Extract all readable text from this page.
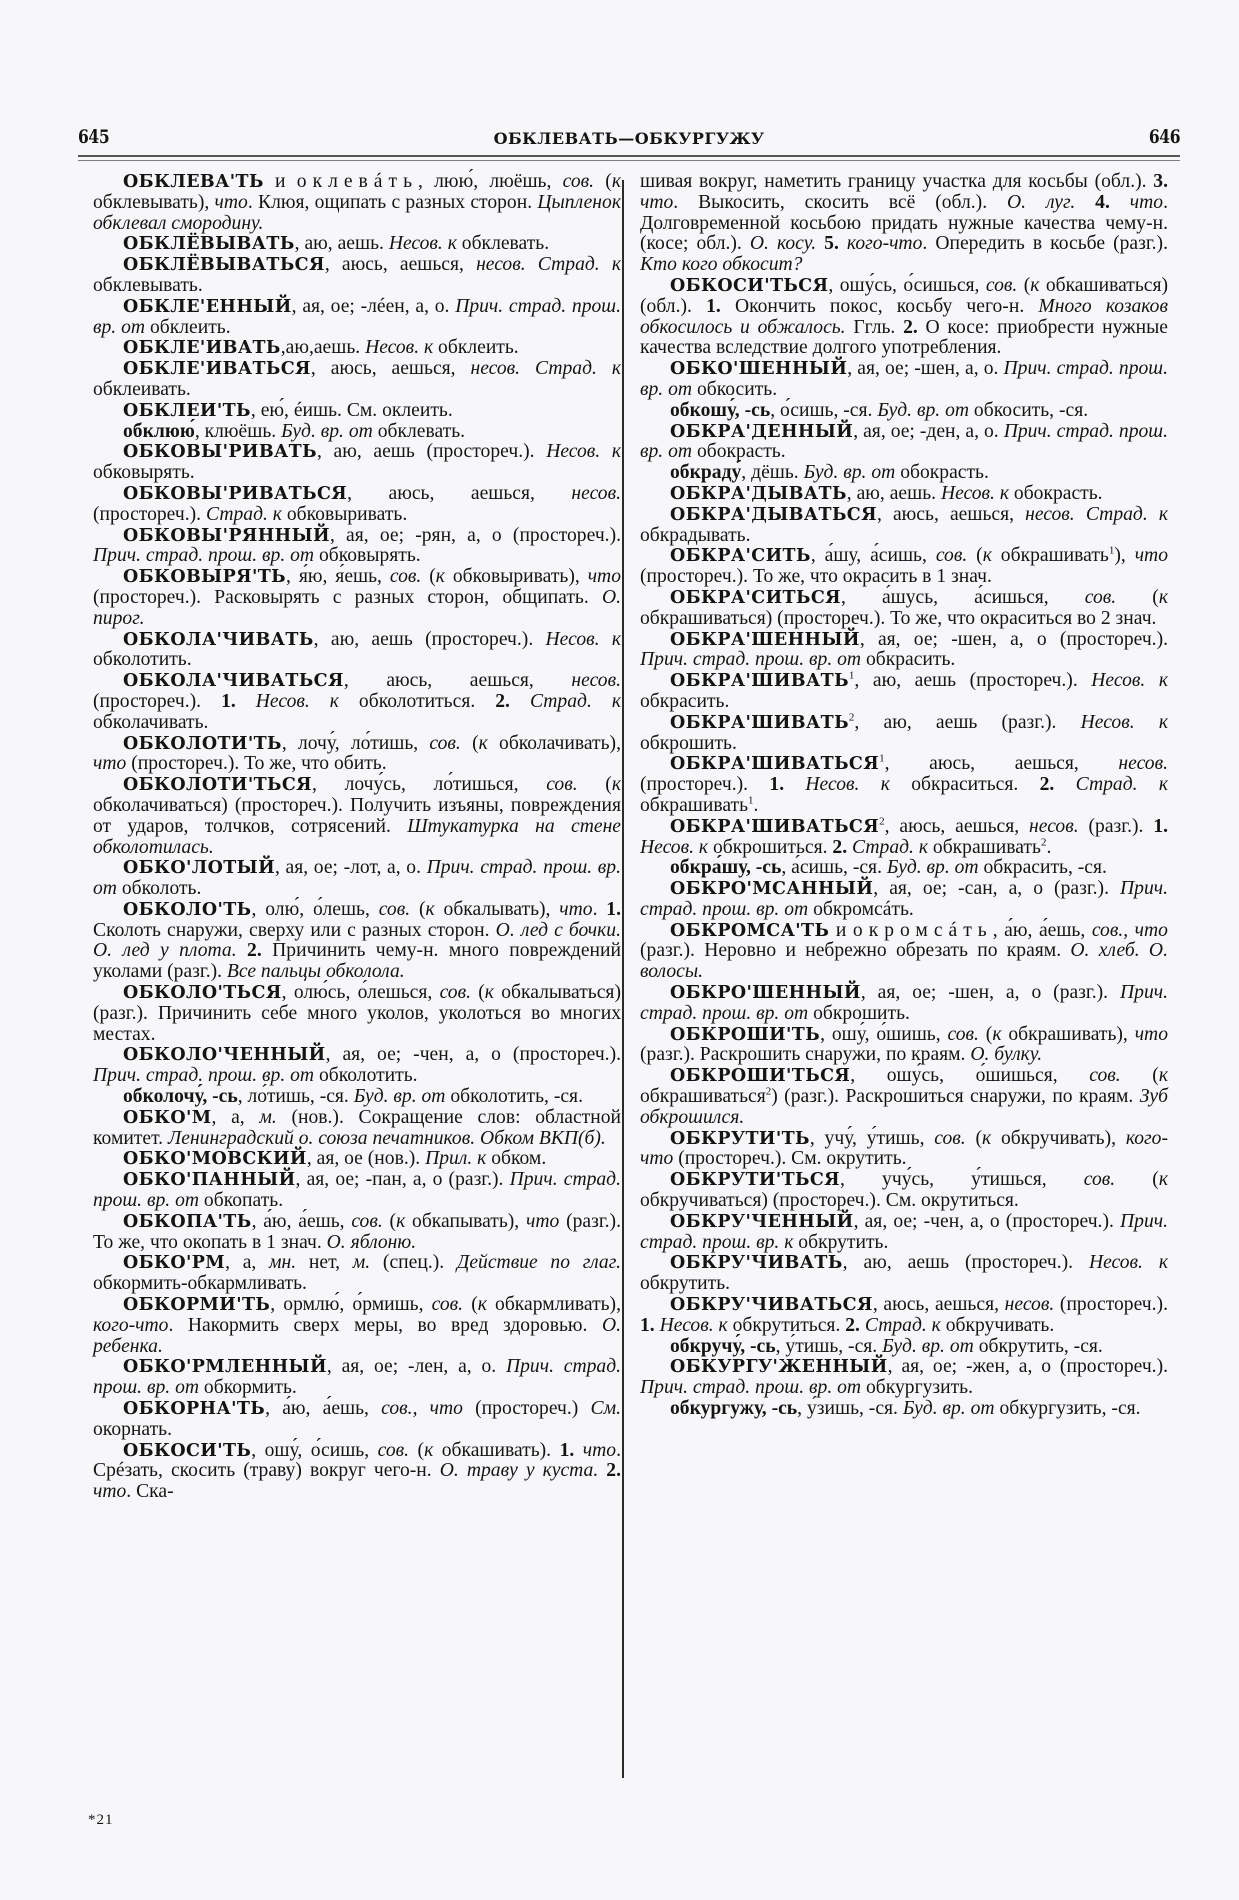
645	ОБКЛЕВАТЬ—ОБКУРГУЖУ	646

ОБКЛЕВА'ТЬ и оклевáть, люю́, люёшь, сов. (к обклевывать), что. Клюя, ощипать с разных сторон. Цыпленок обклевал смородину.

ОБКЛЁВЫВАТЬ, аю, аешь. Несов. к обклевать.

ОБКЛЁВЫВАТЬСЯ, аюсь, аешься, несов. Страд. к обклевывать.

ОБКЛЕ'ЕННЫЙ, ая, ое; -лéен, а, о. Прич. страд. прош. вр. от обклеить.

ОБКЛЕ'ИВАТЬ,аю,аешь. Несов. к обклеить.

ОБКЛЕ'ИВАТЬСЯ, аюсь, аешься, несов. Страд. к обклеивать.

ОБКЛЕИ'ТЬ, ею́, éишь. См. оклеить.

обклюю́, клюёшь. Буд. вр. от обклевать.

ОБКОВЫ'РИВАТЬ, аю, аешь (простореч.). Несов. к обковырять.

ОБКОВЫ'РИВАТЬСЯ, аюсь, аешься, несов. (простореч.). Страд. к обковыривать.

ОБКОВЫ'РЯННЫЙ, ая, ое; -рян, а, о (простореч.). Прич. страд. прош. вр. от обковырять.

ОБКОВЫРЯ'ТЬ, я́ю, я́ешь, сов. (к обковыривать), что (простореч.). Расковырять с разных сторон, общипать. О. пирог.

ОБКОЛА'ЧИВАТЬ, аю, аешь (простореч.). Несов. к обколотить.

ОБКОЛА'ЧИВАТЬСЯ, аюсь, аешься, несов. (простореч.). 1. Несов. к обколотиться. 2. Страд. к обколачивать.

ОБКОЛОТИ'ТЬ, лочу́, ло́тишь, сов. (к обколачивать), что (простореч.). То же, что обить.

ОБКОЛОТИ'ТЬСЯ, лочу́сь, ло́тишься, сов. (к обколачиваться) (простореч.). Получить изъяны, повреждения от ударов, толчков, сотрясений. Штукатурка на стене обколотилась.

ОБКО'ЛОТЫЙ, ая, ое; -лот, а, о. Прич. страд. прош. вр. от обколоть.

ОБКОЛО'ТЬ, олю́, о́лешь, сов. (к обкалывать), что. 1. Сколоть снаружи, сверху или с разных сторон. О. лед с бочки. О. лед у плота. 2. Причинить чему-н. много повреждений уколами (разг.). Все пальцы обколола.

ОБКОЛО'ТЬСЯ, олю́сь, о́лешься, сов. (к обкалываться) (разг.). Причинить себе много уколов, уколоться во многих местах.

ОБКОЛО'ЧЕННЫЙ, ая, ое; -чен, а, о (простореч.). Прич. страд. прош. вр. от обколотить.

обколочу́, -сь, ло́тишь, -ся. Буд. вр. от обколотить, -ся.

ОБКО'М, а, м. (нов.). Сокращение слов: областной комитет. Ленинградский о. союза печатников. Обком ВКП(б).

ОБКО'МОВСКИЙ, ая, ое (нов.). Прил. к обком.

ОБКО'ПАННЫЙ, ая, ое; -пан, а, о (разг.). Прич. страд. прош. вр. от обкопать.

ОБКОПА'ТЬ, а́ю, а́ешь, сов. (к обкапывать), что (разг.). То же, что окопать в 1 знач. О. яблоню.

ОБКО'РМ, а, мн. нет, м. (спец.). Действие по глаг. обкормить-обкармливать.

ОБКОРМИ'ТЬ, ормлю́, о́рмишь, сов. (к обкармливать), кого-что. Накормить сверх меры, во вред здоровью. О. ребенка.

ОБКО'РМЛЕННЫЙ, ая, ое; -лен, а, о. Прич. страд. прош. вр. от обкормить.

ОБКОРНА'ТЬ, а́ю, а́ешь, сов., что (простореч.) См. окорнать.

ОБКОСИ'ТЬ, ошу́, о́сишь, сов. (к обкашивать). 1. что. Срéзать, скосить (траву) вокруг чего-н. О. траву у куста. 2. что. Ска-

шивая вокруг, наметить границу участка для косьбы (обл.). 3. что. Выкосить, скосить всё (обл.). О. луг. 4. что. Долговременной косьбою придать нужные качества чему-н. (косе; обл.). О. косу. 5. кого-что. Опередить в косьбе (разг.). Кто кого обкосит?

ОБКОСИ'ТЬСЯ, ошу́сь, о́сишься, сов. (к обкашиваться) (обл.). 1. Окончить покос, косьбу чего-н. Много козаков обкосилось и обжалось. Ггль. 2. О косе: приобрести нужные качества вследствие долгого употребления.

ОБКО'ШЕННЫЙ, ая, ое; -шен, а, о. Прич. страд. прош. вр. от обкосить.

обкошу́, -сь, о́сишь, -ся. Буд. вр. от обкосить, -ся.

ОБКРА'ДЕННЫЙ, ая, ое; -ден, а, о. Прич. страд. прош. вр. от обокрасть.

обкраду́, дёшь. Буд. вр. от обокрасть.

ОБКРА'ДЫВАТЬ, аю, аешь. Несов. к обокрасть.

ОБКРА'ДЫВАТЬСЯ, аюсь, аешься, несов. Страд. к обкрадывать.

ОБКРА'СИТЬ, а́шу, а́сишь, сов. (к обкрашивать$^1$), что (простореч.). То же, что окрасить в 1 знач.

ОБКРА'СИТЬСЯ, а́шусь, а́сишься, сов. (к обкрашиваться) (простореч.). То же, что окраситься во 2 знач.

ОБКРА'ШЕННЫЙ, ая, ое; -шен, а, о (простореч.). Прич. страд. прош. вр. от обкрасить.

ОБКРА'ШИВАТЬ$^1$, аю, аешь (простореч.). Несов. к обкрасить.

ОБКРА'ШИВАТЬ$^2$, аю, аешь (разг.). Несов. к обкрошить.

ОБКРА'ШИВАТЬСЯ$^1$, аюсь, аешься, несов. (простореч.). 1. Несов. к обкраситься. 2. Страд. к обкрашивать$^1$.

ОБКРА'ШИВАТЬСЯ$^2$, аюсь, аешься, несов. (разг.). 1. Несов. к обкрошиться. 2. Страд. к обкрашивать$^2$.

обкра́шу, -сь, а́сишь, -ся. Буд. вр. от обкрасить, -ся.

ОБКРО'МСАННЫЙ, ая, ое; -сан, а, о (разг.). Прич. страд. прош. вр. от обкромсáть.

ОБКРОМСА'ТЬ и окромсáть, а́ю, а́ешь, сов., что (разг.). Неровно и небрежно обрезать по краям. О. хлеб. О. волосы.

ОБКРО'ШЕННЫЙ, ая, ое; -шен, а, о (разг.). Прич. страд. прош. вр. от обкрошить.

ОБКРОШИ'ТЬ, ошу́, о́шишь, сов. (к обкрашивать), что (разг.). Раскрошить снаружи, по краям. О. булку.

ОБКРОШИ'ТЬСЯ, ошу́сь, о́шишься, сов. (к обкрашиваться$^2$) (разг.). Раскрошиться снаружи, по краям. Зуб обкрошился.

ОБКРУТИ'ТЬ, учу́, у́тишь, сов. (к обкручивать), кого-что (простореч.). См. окрутить.

ОБКРУТИ'ТЬСЯ, учу́сь, у́тишься, сов. (к обкручиваться) (простореч.). См. окрутиться.

ОБКРУ'ЧЕННЫЙ, ая, ое; -чен, а, о (простореч.). Прич. страд. прош. вр. к обкрутить.

ОБКРУ'ЧИВАТЬ, аю, аешь (простореч.). Несов. к обкрутить.

ОБКРУ'ЧИВАТЬСЯ, аюсь, аешься, несов. (простореч.). 1. Несов. к обкрутиться. 2. Страд. к обкручивать.

обкручу́, -сь, у́тишь, -ся. Буд. вр. от обкрутить, -ся.

ОБКУРГУ'ЖЕННЫЙ, ая, ое; -жен, а, о (простореч.). Прич. страд. прош. вр. от обкургузить.

обкургужу, -сь, у́зишь, -ся. Буд. вр. от обкургузить, -ся.

*21
